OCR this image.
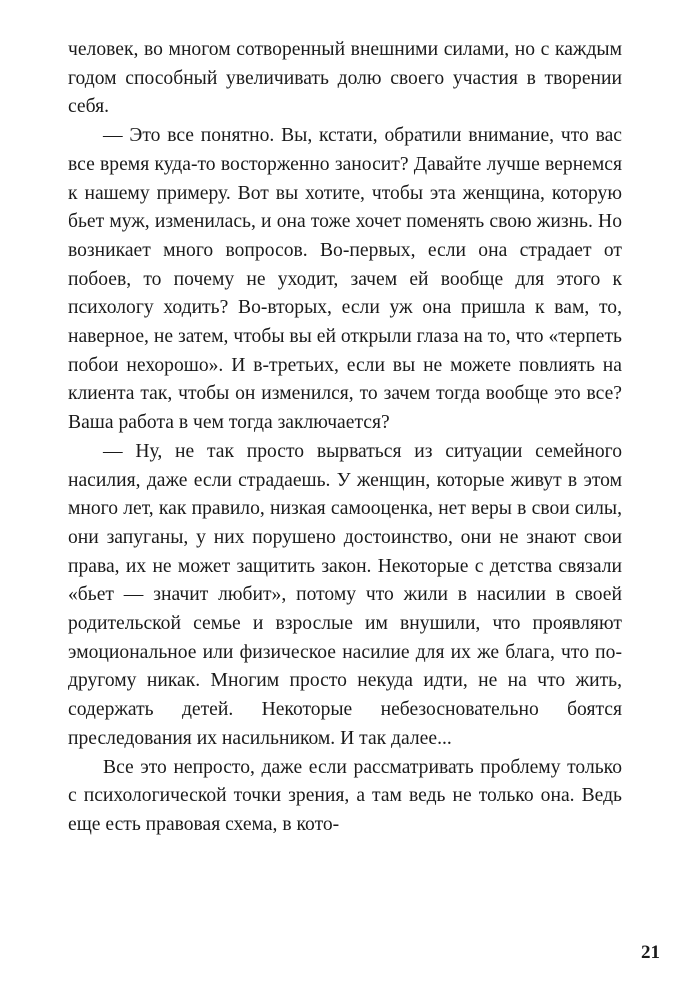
человек, во многом сотворенный внешними силами, но с каждым годом способный увеличивать долю своего участия в творении себя.

— Это все понятно. Вы, кстати, обратили внимание, что вас все время куда-то восторженно заносит? Давайте лучше вернемся к нашему примеру. Вот вы хотите, чтобы эта женщина, которую бьет муж, изменилась, и она тоже хочет поменять свою жизнь. Но возникает много вопросов. Во-первых, если она страдает от побоев, то почему не уходит, зачем ей вообще для этого к психологу ходить? Во-вторых, если уж она пришла к вам, то, наверное, не затем, чтобы вы ей открыли глаза на то, что «терпеть побои нехорошо». И в-третьих, если вы не можете повлиять на клиента так, чтобы он изменился, то зачем тогда вообще это все? Ваша работа в чем тогда заключается?

— Ну, не так просто вырваться из ситуации семейного насилия, даже если страдаешь. У женщин, которые живут в этом много лет, как правило, низкая самооценка, нет веры в свои силы, они запуганы, у них порушено достоинство, они не знают свои права, их не может защитить закон. Некоторые с детства связали «бьет — значит любит», потому что жили в насилии в своей родительской семье и взрослые им внушили, что проявляют эмоциональное или физическое насилие для их же блага, что по-другому никак. Многим просто некуда идти, не на что жить, содержать детей. Некоторые небезосновательно боятся преследования их насильником. И так далее...

Все это непросто, даже если рассматривать проблему только с психологической точки зрения, а там ведь не только она. Ведь еще есть правовая схема, в кото-

21
